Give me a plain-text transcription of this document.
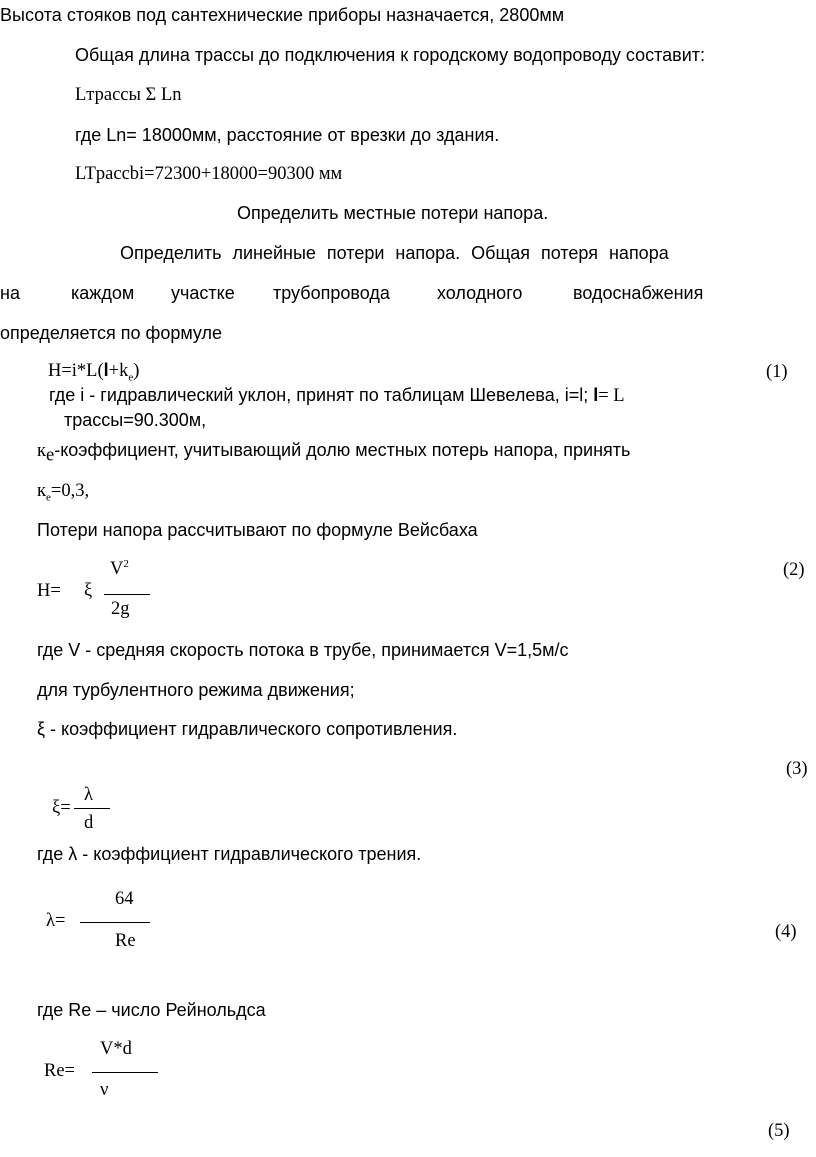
Высота стояков под сантехнические приборы назначается, 2800мм
Общая длина трассы до подключения к городскому водопроводу составит:
Lтрассы Σ Ln
где Ln= 18000мм, расстояние от врезки до здания.
LTpaccbi=72300+18000=90300 мм
Определить местные потери напора.
Определить линейные потери напора. Общая потеря напора
на	каждом участке трубопровода	холодного	водоснабжения
определяется по формуле
$H=i*L(l+k_e)$	(1)
где i - гидравлический уклон, принят по таблицам Шевелева, i=l; l= L
трассы=90.300м,
$к_е$-коэффициент, учитывающий долю местных потерь напора, принять
$к_е=0,3$,
Потери напора рассчитывают по формуле Вейсбаха
$V^2$
H= ξ
2g
(2)
где V - средняя скорость потока в трубе, принимается V=1,5м/с
для турбулентного режима движения;
ξ - коэффициент гидравлического сопротивления.
(3)
λ
ξ=
d
где λ - коэффициент гидравлического трения.
64
λ=
Re	(4)
где Re – число Рейнольдса
V*d
Re=
ν
(5)
